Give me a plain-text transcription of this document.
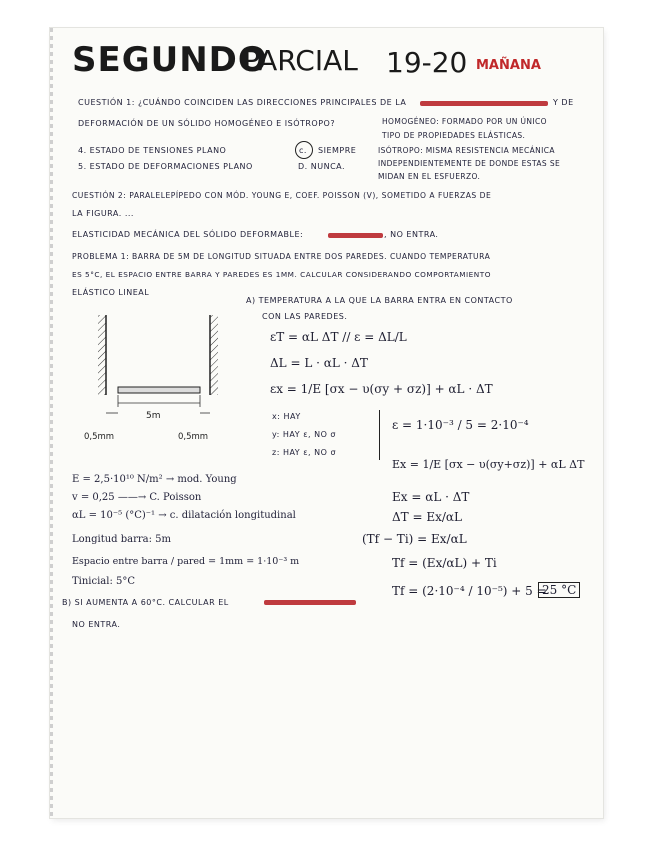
SEGUNDO
PARCIAL 19-20 MAÑANA
CUESTIÓN 1: ¿CUÁNDO COINCIDEN LAS DIRECCIONES PRINCIPALES DE LA	Y DE
DEFORMACIÓN DE UN SÓLIDO HOMOGÉNEO E ISÓTROPO?	HOMOGÉNEO: FORMADO POR UN ÚNICO
TIPO DE PROPIEDADES ELÁSTICAS.
4. ESTADO DE TENSIONES PLANO
5. ESTADO DE DEFORMACIONES PLANO
c. SIEMPRE
D. NUNCA.
ISÓTROPO: MISMA RESISTENCIA MECÁNICA
INDEPENDIENTEMENTE DE DONDE ESTAS SE
MIDAN EN EL ESFUERZO.
CUESTIÓN 2: PARALELEPÍPEDO CON MÓD. YOUNG E, COEF. POISSON (V), SOMETIDO A FUERZAS DE
LA FIGURA. ...
ELASTICIDAD MECÁNICA DEL SÓLIDO DEFORMABLE:	, NO ENTRA.
PROBLEMA 1: BARRA DE 5M DE LONGITUD SITUADA ENTRE DOS PAREDES. CUANDO TEMPERATURA
ES 5°C, EL ESPACIO ENTRE BARRA Y PAREDES ES 1MM. CALCULAR CONSIDERANDO COMPORTAMIENTO
ELÁSTICO LINEAL
A) TEMPERATURA A LA QUE LA BARRA ENTRA EN CONTACTO
CON LAS PAREDES.
5m
0,5mm	0,5mm
E = 2,5·10¹⁰ N/m² → mod. Young
v = 0,25 ——→ C. Poisson
αL = 10⁻⁵ (°C)⁻¹ → c. dilatación longitudinal
Longitud barra: 5m
Espacio entre barra / pared = 1mm = 1·10⁻³ m
Tinicial: 5°C
εT = αL ΔT // ε = ΔL/L
ΔL = L · αL · ΔT
εx = 1/E [σx − υ(σy + σz)] + αL · ΔT
x: HAY
y: HAY ε, NO σ
z: HAY ε, NO σ
ε = 1·10⁻³ / 5 = 2·10⁻⁴
Ex = 1/E [σx − υ(σy+σz)] + αL ΔT
Ex = αL · ΔT
ΔT = Ex/αL
(Tf − Ti) = Ex/αL
Tf = (Ex/αL) + Ti
Tf = (2·10⁻⁴ / 10⁻⁵) + 5 =
25 °C
B) SI AUMENTA A 60°C. CALCULAR EL
NO ENTRA.
